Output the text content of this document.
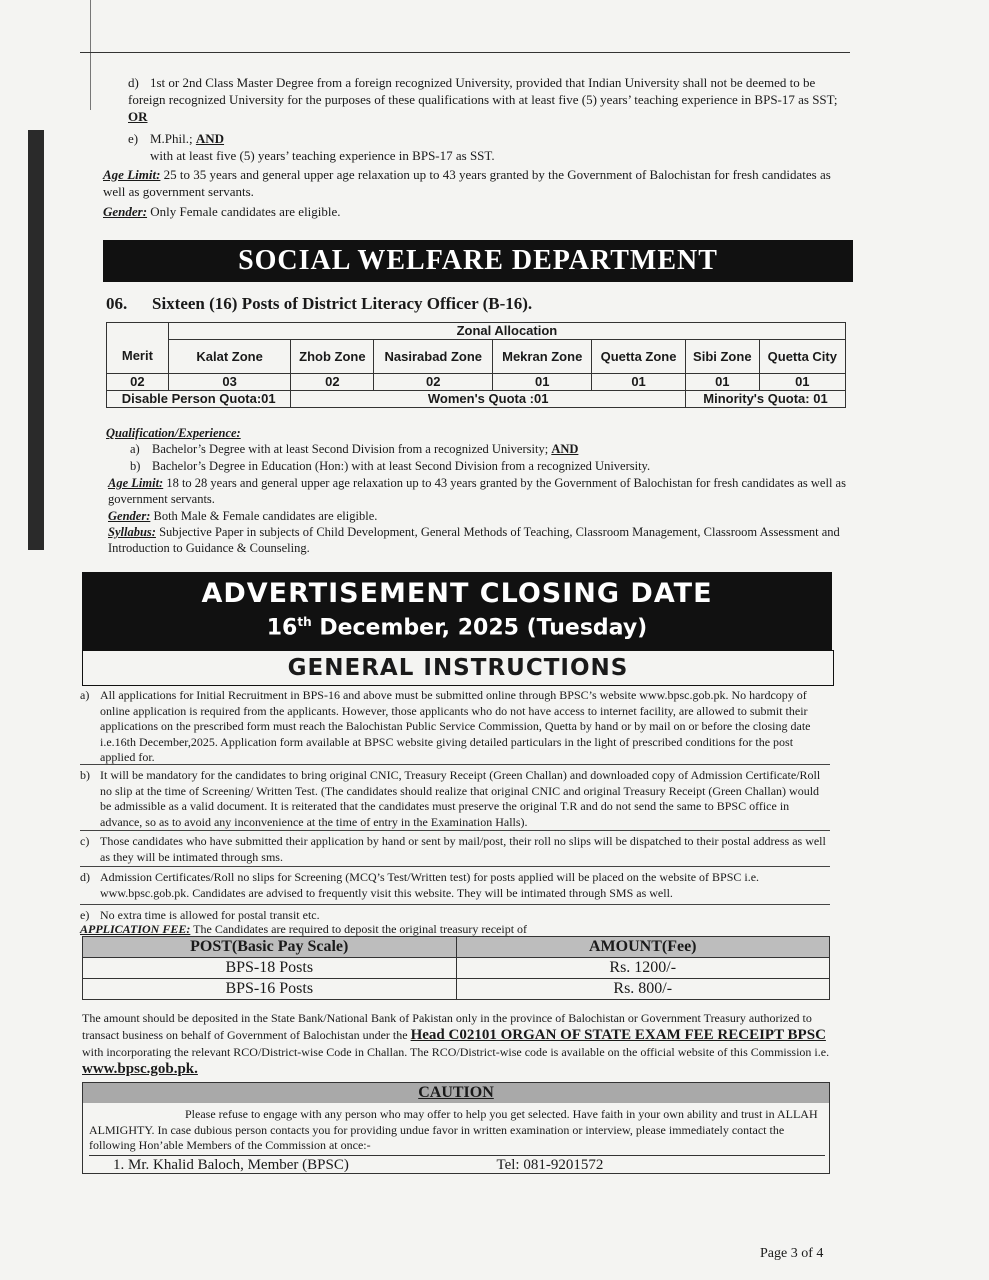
d) 1st or 2nd Class Master Degree from a foreign recognized University, provided that Indian University shall not be deemed to be foreign recognized University for the purposes of these qualifications with at least five (5) years’ teaching experience in BPS-17 as SST; OR
e) M.Phil.; AND
with at least five (5) years’ teaching experience in BPS-17 as SST.
Age Limit: 25 to 35 years and general upper age relaxation up to 43 years granted by the Government of Balochistan for fresh candidates as well as government servants.
Gender: Only Female candidates are eligible.
SOCIAL WELFARE DEPARTMENT
06. Sixteen (16) Posts of District Literacy Officer (B-16).
	Zonal Allocation						
Merit	Kalat Zone	Zhob Zone	Nasirabad Zone	Mekran Zone	Quetta Zone	Sibi Zone	Quetta City
02	03	02	02	01	01	01	01
Disable Person Quota:01		Women's Quota :01				Minority's Quota: 01	
Qualification/Experience:
a) Bachelor’s Degree with at least Second Division from a recognized University; AND
b) Bachelor’s Degree in Education (Hon:) with at least Second Division from a recognized University.
Age Limit: 18 to 28 years and general upper age relaxation up to 43 years granted by the Government of Balochistan for fresh candidates as well as government servants.
Gender: Both Male & Female candidates are eligible.
Syllabus: Subjective Paper in subjects of Child Development, General Methods of Teaching, Classroom Management, Classroom Assessment and Introduction to Guidance & Counseling.
ADVERTISEMENT CLOSING DATE
16th December, 2025 (Tuesday)
GENERAL INSTRUCTIONS
a) All applications for Initial Recruitment in BPS-16 and above must be submitted online through BPSC’s website www.bpsc.gob.pk. No hardcopy of online application is required from the applicants. However, those applicants who do not have access to internet facility, are allowed to submit their applications on the prescribed form must reach the Balochistan Public Service Commission, Quetta by hand or by mail on or before the closing date i.e.16th December,2025. Application form available at BPSC website giving detailed particulars in the light of prescribed conditions for the post applied for.
b) It will be mandatory for the candidates to bring original CNIC, Treasury Receipt (Green Challan) and downloaded copy of Admission Certificate/Roll no slip at the time of Screening/ Written Test. (The candidates should realize that original CNIC and original Treasury Receipt (Green Challan) would be admissible as a valid document. It is reiterated that the candidates must preserve the original T.R and do not send the same to BPSC office in advance, so as to avoid any inconvenience at the time of entry in the Examination Halls).
c) Those candidates who have submitted their application by hand or sent by mail/post, their roll no slips will be dispatched to their postal address as well as they will be intimated through sms.
d) Admission Certificates/Roll no slips for Screening (MCQ’s Test/Written test) for posts applied will be placed on the website of BPSC i.e. www.bpsc.gob.pk. Candidates are advised to frequently visit this website. They will be intimated through SMS as well.
e) No extra time is allowed for postal transit etc.
APPLICATION FEE: The Candidates are required to deposit the original treasury receipt of
POST(Basic Pay Scale)	AMOUNT(Fee)
BPS-18 Posts	Rs. 1200/-
BPS-16 Posts	Rs. 800/-
The amount should be deposited in the State Bank/National Bank of Pakistan only in the province of Balochistan or Government Treasury authorized to transact business on behalf of Government of Balochistan under the Head C02101 ORGAN OF STATE EXAM FEE RECEIPT BPSC with incorporating the relevant RCO/District-wise Code in Challan. The RCO/District-wise code is available on the official website of this Commission i.e. www.bpsc.gob.pk.
CAUTION
Please refuse to engage with any person who may offer to help you get selected. Have faith in your own ability and trust in ALLAH ALMIGHTY. In case dubious person contacts you for providing undue favor in written examination or interview, please immediately contact the following Hon’able Members of the Commission at once:-
1. Mr. Khalid Baloch, Member (BPSC)	Tel: 081-9201572
Page 3 of 4
